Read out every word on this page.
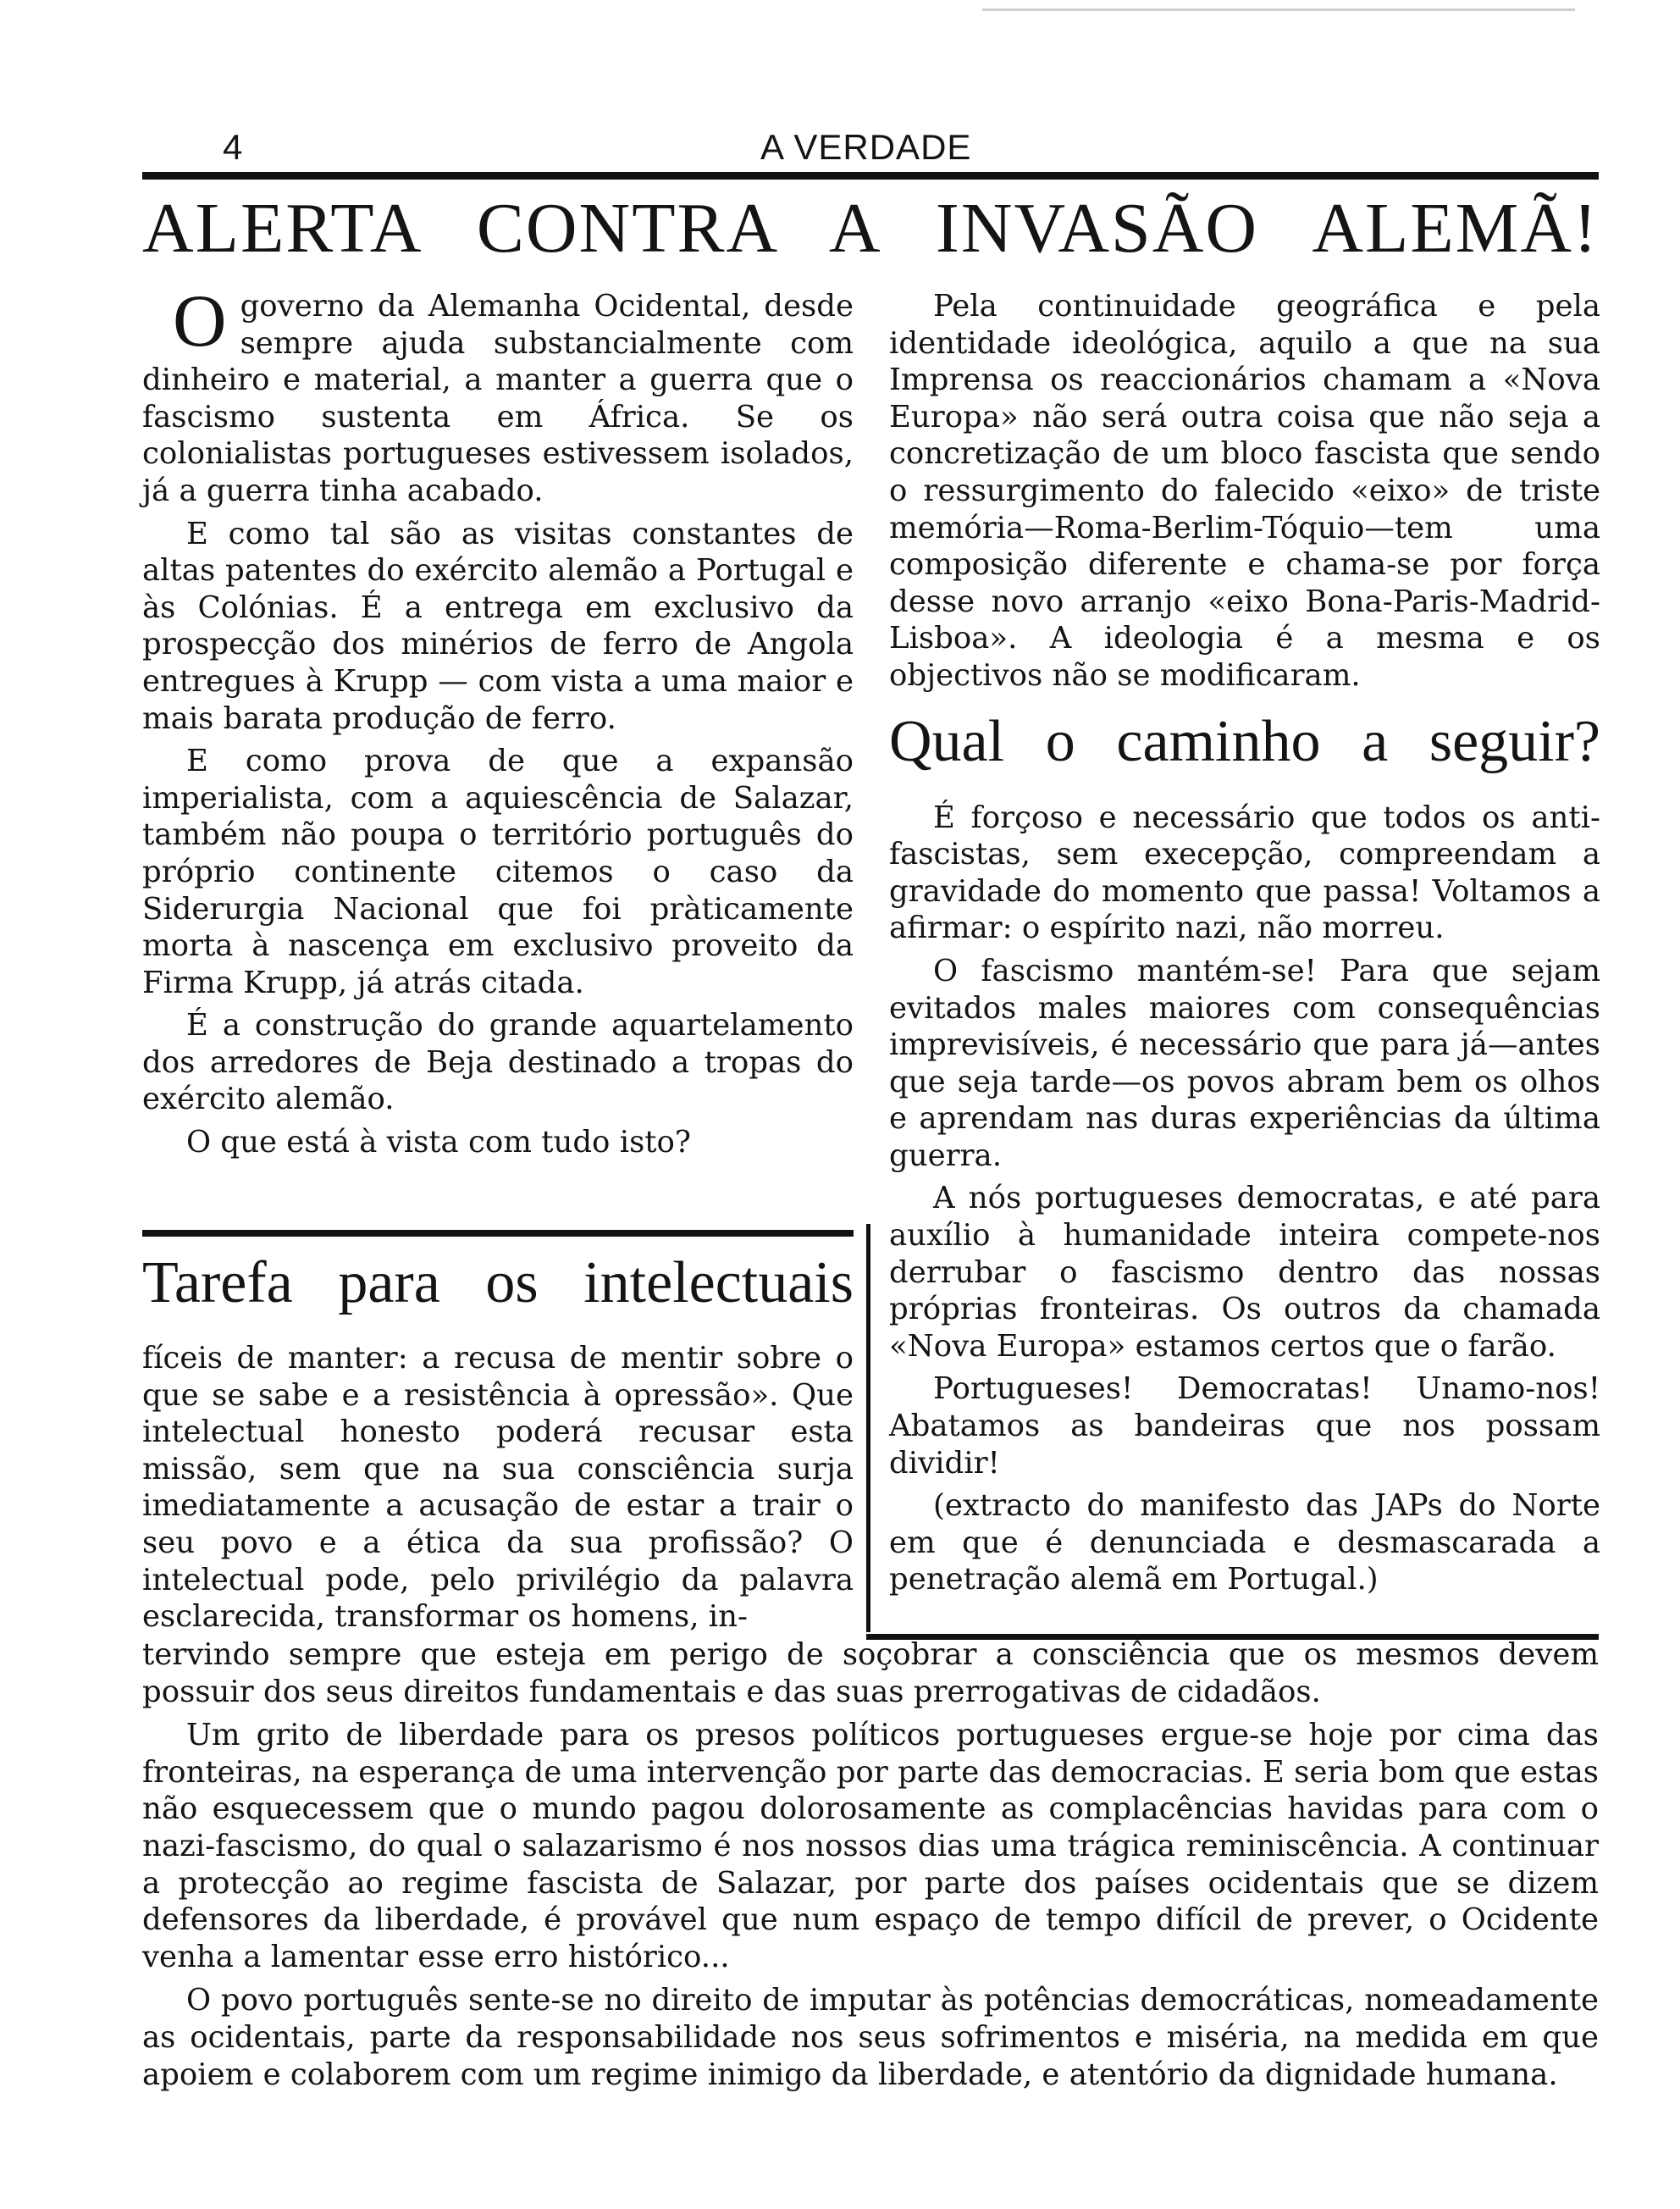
4	A VERDADE
ALERTA CONTRA A INVASÃO ALEMÃ!

Ogoverno da Alemanha Ocidental, desde sempre ajuda substancialmente com dinheiro e material, a manter a guerra que o fascismo sustenta em África. Se os colonialistas portugueses estivessem isolados, já a guerra tinha acabado.

E como tal são as visitas constantes de altas patentes do exército alemão a Portugal e às Colónias. É a entrega em exclusivo da prospecção dos minérios de ferro de Angola entregues à Krupp — com vista a uma maior e mais barata produção de ferro.

E como prova de que a expansão imperialista, com a aquiescência de Salazar, também não poupa o território português do próprio continente citemos o caso da Siderurgia Nacional que foi pràticamente morta à nascença em exclusivo proveito da Firma Krupp, já atrás citada.

É a construção do grande aquartelamento dos arredores de Beja destinado a tropas do exército alemão.

O que está à vista com tudo isto?

Pela continuidade geográfica e pela identidade ideológica, aquilo a que na sua Imprensa os reaccionários chamam a «Nova Europa» não será outra coisa que não seja a concretização de um bloco fascista que sendo o ressurgimento do falecido «eixo» de triste memória—Roma-Berlim-Tóquio—tem uma composição diferente e chama-se por força desse novo arranjo «eixo Bona-Paris-Madrid-Lisboa». A ideologia é a mesma e os objectivos não se modificaram.

Qual o caminho a seguir?

É forçoso e necessário que todos os anti-fascistas, sem execepção, compreendam a gravidade do momento que passa! Voltamos a afirmar: o espírito nazi, não morreu.

O fascismo mantém-se! Para que sejam evitados males maiores com consequências imprevisíveis, é necessário que para já—antes que seja tarde—os povos abram bem os olhos e aprendam nas duras experiências da última guerra.

A nós portugueses democratas, e até para auxílio à humanidade inteira compete-nos derrubar o fascismo dentro das nossas próprias fronteiras. Os outros da chamada «Nova Europa» estamos certos que o farão.

Portugueses! Democratas! Unamo-nos! Abatamos as bandeiras que nos possam dividir!

(extracto do manifesto das JAPs do Norte em que é denunciada e desmascarada a penetração alemã em Portugal.)

Tarefa para os intelectuais

fíceis de manter: a recusa de mentir sobre o que se sabe e a resistência à opressão». Que intelectual honesto poderá recusar esta missão, sem que na sua consciência surja imediatamente a acusação de estar a trair o seu povo e a ética da sua profissão? O intelectual pode, pelo privilégio da palavra esclarecida, transformar os homens, in-

tervindo sempre que esteja em perigo de soçobrar a consciência que os mesmos devem possuir dos seus direitos fundamentais e das suas prerrogativas de cidadãos.

Um grito de liberdade para os presos políticos portugueses ergue-se hoje por cima das fronteiras, na esperança de uma intervenção por parte das democracias. E seria bom que estas não esquecessem que o mundo pagou dolorosamente as complacências havidas para com o nazi-fascismo, do qual o salazarismo é nos nossos dias uma trágica reminiscência. A continuar a protecção ao regime fascista de Salazar, por parte dos países ocidentais que se dizem defensores da liberdade, é provável que num espaço de tempo difícil de prever, o Ocidente venha a lamentar esse erro histórico...

O povo português sente-se no direito de imputar às potências democráticas, nomeadamente as ocidentais, parte da responsabilidade nos seus sofrimentos e miséria, na medida em que apoiem e colaborem com um regime inimigo da liberdade, e atentório da dignidade humana.
